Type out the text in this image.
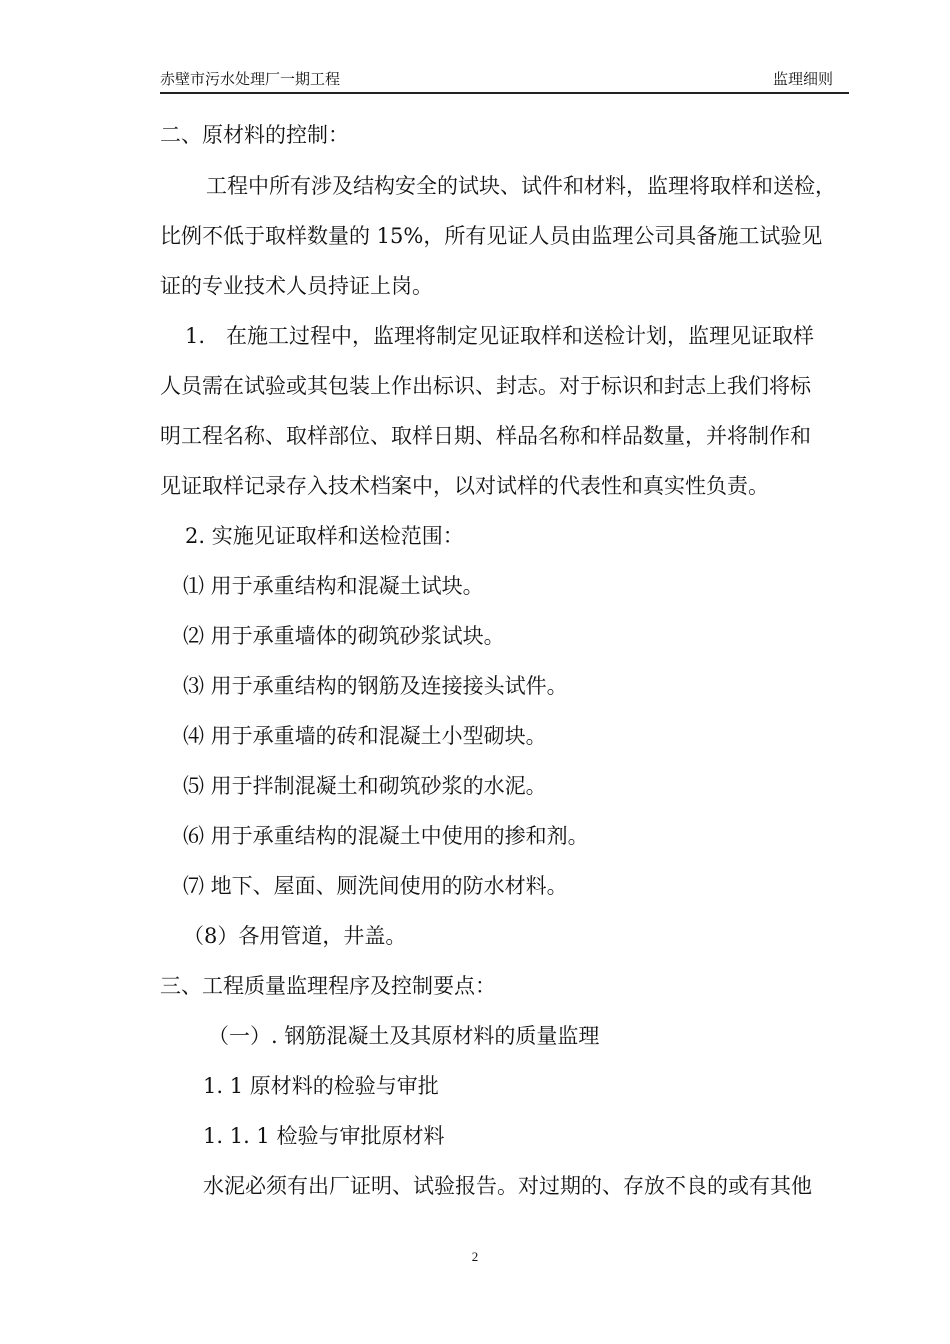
赤壁市污水处理厂一期工程	监理细则
二、原材料的控制：
工程中所有涉及结构安全的试块、试件和材料，监理将取样和送检，
比例不低于取样数量的 15%，所有见证人员由监理公司具备施工试验见
证的专业技术人员持证上岗。
1.　在施工过程中，监理将制定见证取样和送检计划，监理见证取样
人员需在试验或其包装上作出标识、封志。对于标识和封志上我们将标
明工程名称、取样部位、取样日期、样品名称和样品数量，并将制作和
见证取样记录存入技术档案中，以对试样的代表性和真实性负责。
2. 实施见证取样和送检范围：
⑴ 用于承重结构和混凝土试块。
⑵ 用于承重墙体的砌筑砂浆试块。
⑶ 用于承重结构的钢筋及连接接头试件。
⑷ 用于承重墙的砖和混凝土小型砌块。
⑸ 用于拌制混凝土和砌筑砂浆的水泥。
⑹ 用于承重结构的混凝土中使用的掺和剂。
⑺ 地下、屋面、厕洗间使用的防水材料。
（8）各用管道，井盖。
三、工程质量监理程序及控制要点：
（一）. 钢筋混凝土及其原材料的质量监理
1. 1 原材料的检验与审批
1. 1. 1 检验与审批原材料
水泥必须有出厂证明、试验报告。对过期的、存放不良的或有其他
2
